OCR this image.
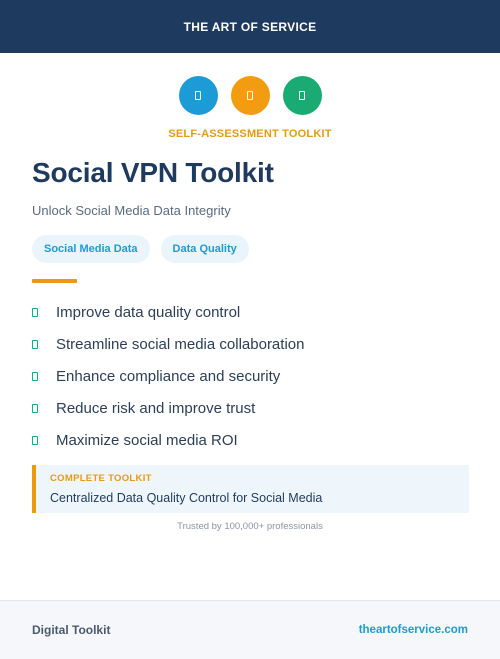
THE ART OF SERVICE
SELF-ASSESSMENT TOOLKIT
Social VPN Toolkit
Unlock Social Media Data Integrity
Social Media Data	Data Quality
Improve data quality control
Streamline social media collaboration
Enhance compliance and security
Reduce risk and improve trust
Maximize social media ROI
COMPLETE TOOLKIT
Centralized Data Quality Control for Social Media
Trusted by 100,000+ professionals
Digital Toolkit	theartofservice.com
